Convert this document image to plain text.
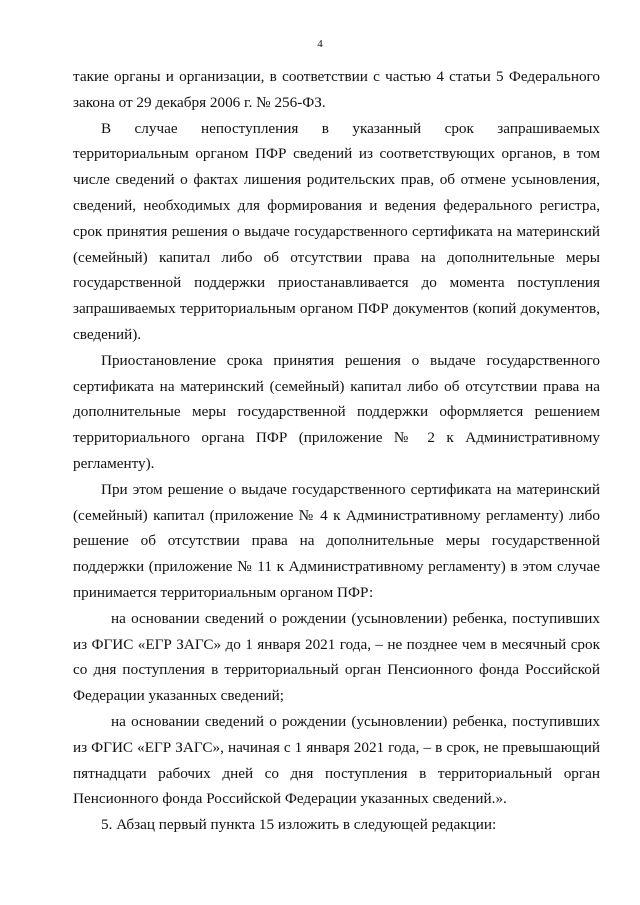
4

такие органы и организации, в соответствии с частью 4 статьи 5 Федерального закона от 29 декабря 2006 г. № 256-ФЗ.

В случае непоступления в указанный срок запрашиваемых территориальным органом ПФР сведений из соответствующих органов, в том числе сведений о фактах лишения родительских прав, об отмене усыновления, сведений, необходимых для формирования и ведения федерального регистра, срок принятия решения о выдаче государственного сертификата на материнский (семейный) капитал либо об отсутствии права на дополнительные меры государственной поддержки приостанавливается до момента поступления запрашиваемых территориальным органом ПФР документов (копий документов, сведений).

Приостановление срока принятия решения о выдаче государственного сертификата на материнский (семейный) капитал либо об отсутствии права на дополнительные меры государственной поддержки оформляется решением территориального органа ПФР (приложение № 2 к Административному регламенту).

При этом решение о выдаче государственного сертификата на материнский (семейный) капитал (приложение № 4 к Административному регламенту) либо решение об отсутствии права на дополнительные меры государственной поддержки (приложение № 11 к Административному регламенту) в этом случае принимается территориальным органом ПФР:

на основании сведений о рождении (усыновлении) ребенка, поступивших из ФГИС «ЕГР ЗАГС» до 1 января 2021 года, – не позднее чем в месячный срок со дня поступления в территориальный орган Пенсионного фонда Российской Федерации указанных сведений;

на основании сведений о рождении (усыновлении) ребенка, поступивших из ФГИС «ЕГР ЗАГС», начиная с 1 января 2021 года, – в срок, не превышающий пятнадцати рабочих дней со дня поступления в территориальный орган Пенсионного фонда Российской Федерации указанных сведений.».

5. Абзац первый пункта 15 изложить в следующей редакции:
